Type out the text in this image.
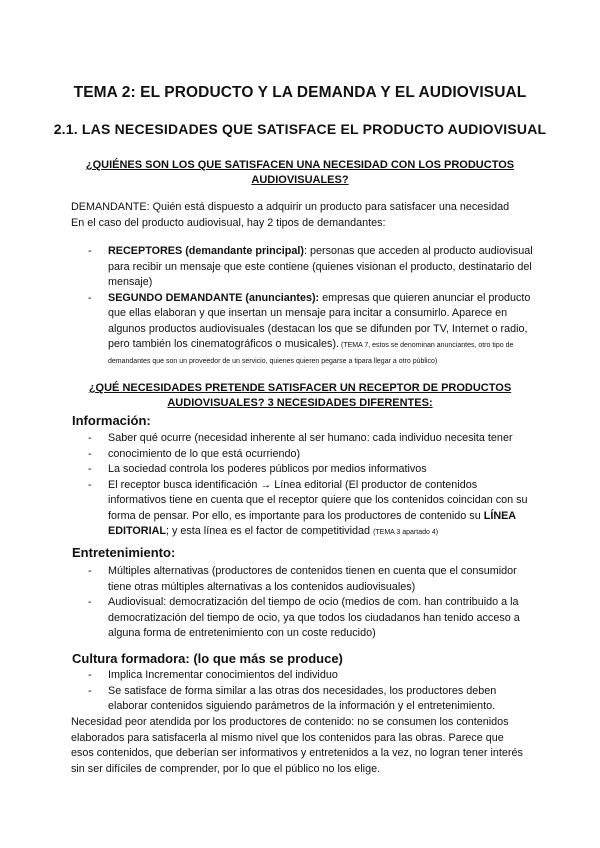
TEMA 2: EL PRODUCTO Y LA DEMANDA Y EL AUDIOVISUAL
2.1. LAS NECESIDADES QUE SATISFACE EL PRODUCTO AUDIOVISUAL
¿QUIÉNES SON LOS QUE SATISFACEN UNA NECESIDAD CON LOS PRODUCTOS
AUDIOVISUALES?
DEMANDANTE: Quién está dispuesto a adquirir un producto para satisfacer una necesidad
En el caso del producto audiovisual, hay 2 tipos de demandantes:
- RECEPTORES (demandante principal): personas que acceden al producto audiovisual para recibir un mensaje que este contiene (quienes visionan el producto, destinatario del mensaje)
- SEGUNDO DEMANDANTE (anunciantes): empresas que quieren anunciar el producto que ellas elaboran y que insertan un mensaje para incitar a consumirlo. Aparece en algunos productos audiovisuales (destacan los que se difunden por TV, Internet o radio, pero también los cinematográficos o musicales). (TEMA 7, estos se denominan anunciantes, otro tipo de demandantes que son un proveedor de un servicio, quienes quieren pegarse a tipara llegar a otro público)
¿QUÉ NECESIDADES PRETENDE SATISFACER UN RECEPTOR DE PRODUCTOS
AUDIOVISUALES? 3 NECESIDADES DIFERENTES:
Información:
- Saber qué ocurre (necesidad inherente al ser humano: cada individuo necesita tener
- conocimiento de lo que está ocurriendo)
- La sociedad controla los poderes públicos por medios informativos
- El receptor busca identificación → Línea editorial (El productor de contenidos informativos tiene en cuenta que el receptor quiere que los contenidos coincidan con su forma de pensar. Por ello, es importante para los productores de contenido su LÍNEA EDITORIAL; y esta línea es el factor de competitividad (TEMA 3 apartado 4)
Entretenimiento:
- Múltiples alternativas (productores de contenidos tienen en cuenta que el consumidor tiene otras múltiples alternativas a los contenidos audiovisuales)
- Audiovisual: democratización del tiempo de ocio (medios de com. han contribuido a la democratización del tiempo de ocio, ya que todos los ciudadanos han tenido acceso a alguna forma de entretenimiento con un coste reducido)
Cultura formadora: (lo que más se produce)
- Implica Incrementar conocimientos del individuo
- Se satisface de forma similar a las otras dos necesidades, los productores deben elaborar contenidos siguiendo parámetros de la información y el entretenimiento.
Necesidad peor atendida por los productores de contenido: no se consumen los contenidos elaborados para satisfacerla al mismo nivel que los contenidos para las obras. Parece que esos contenidos, que deberían ser informativos y entretenidos a la vez, no logran tener interés sin ser difíciles de comprender, por lo que el público no los elige.
